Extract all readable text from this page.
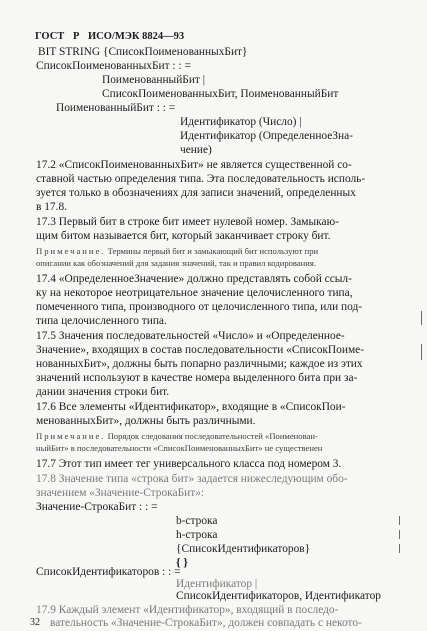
ГОСТ Р ИСО/МЭК 8824—93
BIT STRING {СписокПоименованныхБит}
СписокПоименованныхБит : : =
ПоименованныйБит |
СписокПоименованныхБит, ПоименованныйБит
ПоименованныйБит : : =
Идентификатор (Число) |
Идентификатор (ОпределенноеЗна-
чение)
17.2 «СписокПоименованныхБит» не является существенной со-
ставной частью определения типа. Эта последовательность исполь-
зуется только в обозначениях для записи значений, определенных
в 17.8.
17.3 Первый бит в строке бит имеет нулевой номер. Замыкаю-
щим битом называется бит, который заканчивает строку бит.
Примечание. Термины первый бит и замыкающий бит используют при
описании как обозначений для задания значений, так и правил кодирования.
17.4 «ОпределенноеЗначение» должно представлять собой ссыл-
ку на некоторое неотрицательное значение целочисленного типа,
помеченного типа, производного от целочисленного типа, или под-
типа целочисленного типа.
17.5 Значения последовательностей «Число» и «Определенное-
Значение», входящих в состав последовательности «СписокПоиме-
нованныхБит», должны быть попарно различными; каждое из этих
значений используют в качестве номера выделенного бита при за-
дании значения строки бит.
17.6 Все элементы «Идентификатор», входящие в «СписокПои-
менованныхБит», должны быть различными.
Примечание. Порядок следования последовательностей «Поименован-
ныйБит» в последовательности «СписокПоименованныхБит» не существенен
17.7 Этот тип имеет тег универсального класса под номером 3.
17.8 Значение типа «строка бит» задается нижеследующим обо-
значением «Значение-СтрокаБит»:
Значение-СтрокаБит : : =
b-строка
h-строка
{СписокИдентификаторов}
{ }
СписокИдентификаторов : : =
Идентификатор |
СписокИдентификаторов, Идентификатор
17.9 Каждый элемент «Идентификатор», входящий в последо-
вательность «Значение-СтрокаБит», должен совпадать с некото-
32
